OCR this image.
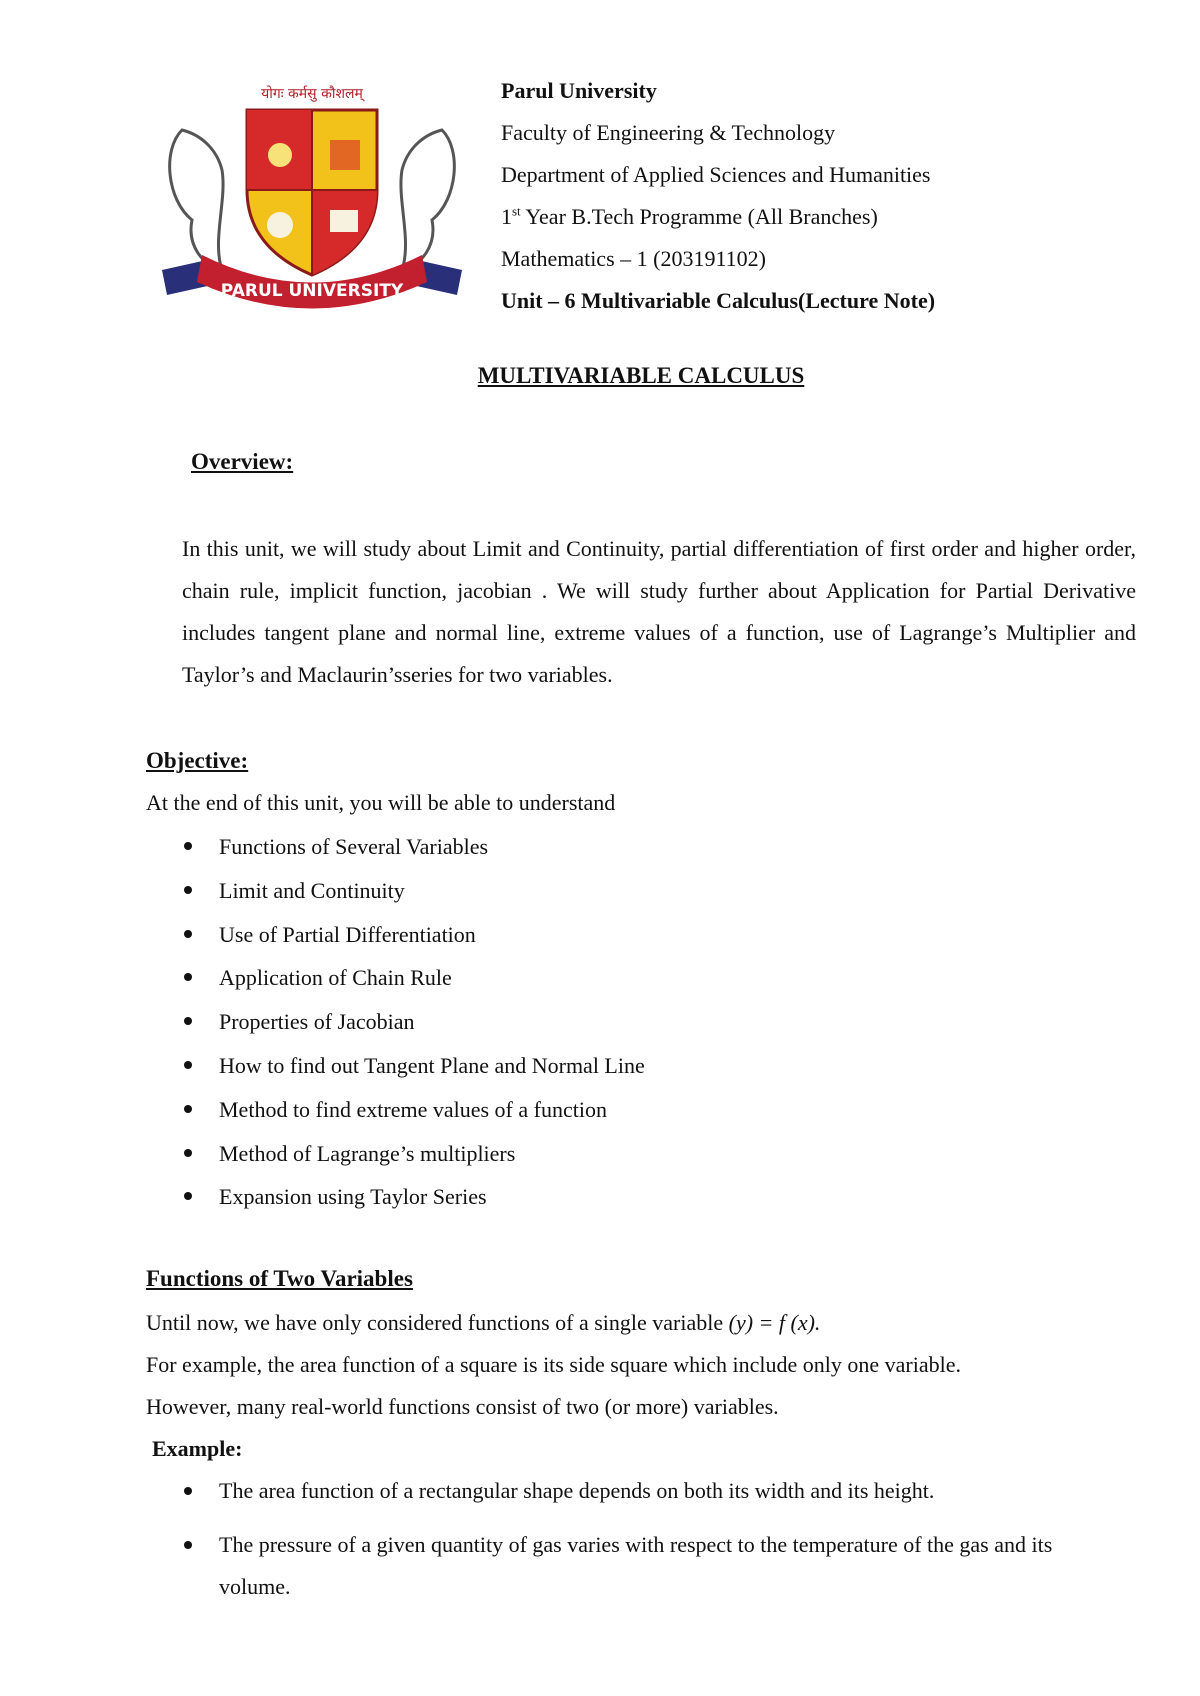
योगः कर्मसु कौशलम्
PARUL UNIVERSITY
Parul University
Faculty of Engineering & Technology
Department of Applied Sciences and Humanities
1st Year B.Tech Programme (All Branches)
Mathematics – 1 (203191102)
Unit – 6 Multivariable Calculus(Lecture Note)
MULTIVARIABLE CALCULUS
Overview:
In this unit, we will study about Limit and Continuity, partial differentiation of first order and higher order, chain rule, implicit function, jacobian . We will study further about Application for Partial Derivative includes tangent plane and normal line, extreme values of a function, use of Lagrange’s Multiplier and Taylor’s and Maclaurin’sseries for two variables.
Objective:
At the end of this unit, you will be able to understand
Functions of Several Variables
Limit and Continuity
Use of Partial Differentiation
Application of Chain Rule
Properties of Jacobian
How to find out Tangent Plane and Normal Line
Method to find extreme values of a function
Method of Lagrange’s multipliers
Expansion using Taylor Series
Functions of Two Variables
Until now, we have only considered functions of a single variable (y) = f (x).
For example, the area function of a square is its side square which include only one variable.
However, many real-world functions consist of two (or more) variables.
Example:
The area function of a rectangular shape depends on both its width and its height.
The pressure of a given quantity of gas varies with respect to the temperature of the gas and its volume.
